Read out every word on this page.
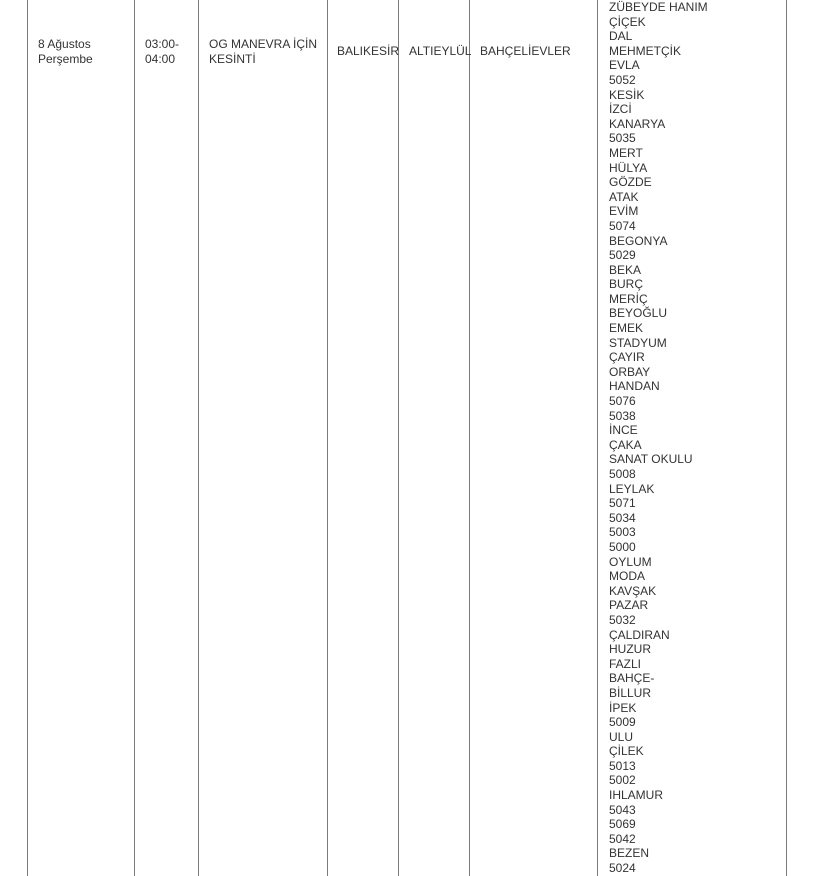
8 Ağustos
Perşembe
03:00-
04:00
OG MANEVRA İÇİN
KESİNTİ
BALIKESİR ALTIEYLÜL BAHÇELİEVLER
ZÜBEYDE HANIM
ÇİÇEK
DAL
MEHMETÇİK
EVLA
5052
KESİK
İZCİ
KANARYA
5035
MERT
HÜLYA
GÖZDE
ATAK
EVİM
5074
BEGONYA
5029
BEKA
BURÇ
MERİÇ
BEYOĞLU
EMEK
STADYUM
ÇAYIR
ORBAY
HANDAN
5076
5038
İNCE
ÇAKA
SANAT OKULU
5008
LEYLAK
5071
5034
5003
5000
OYLUM
MODA
KAVŞAK
PAZAR
5032
ÇALDIRAN
HUZUR
FAZLI
BAHÇE-
BİLLUR
İPEK
5009
ULU
ÇİLEK
5013
5002
IHLAMUR
5043
5069
5042
BEZEN
5024
